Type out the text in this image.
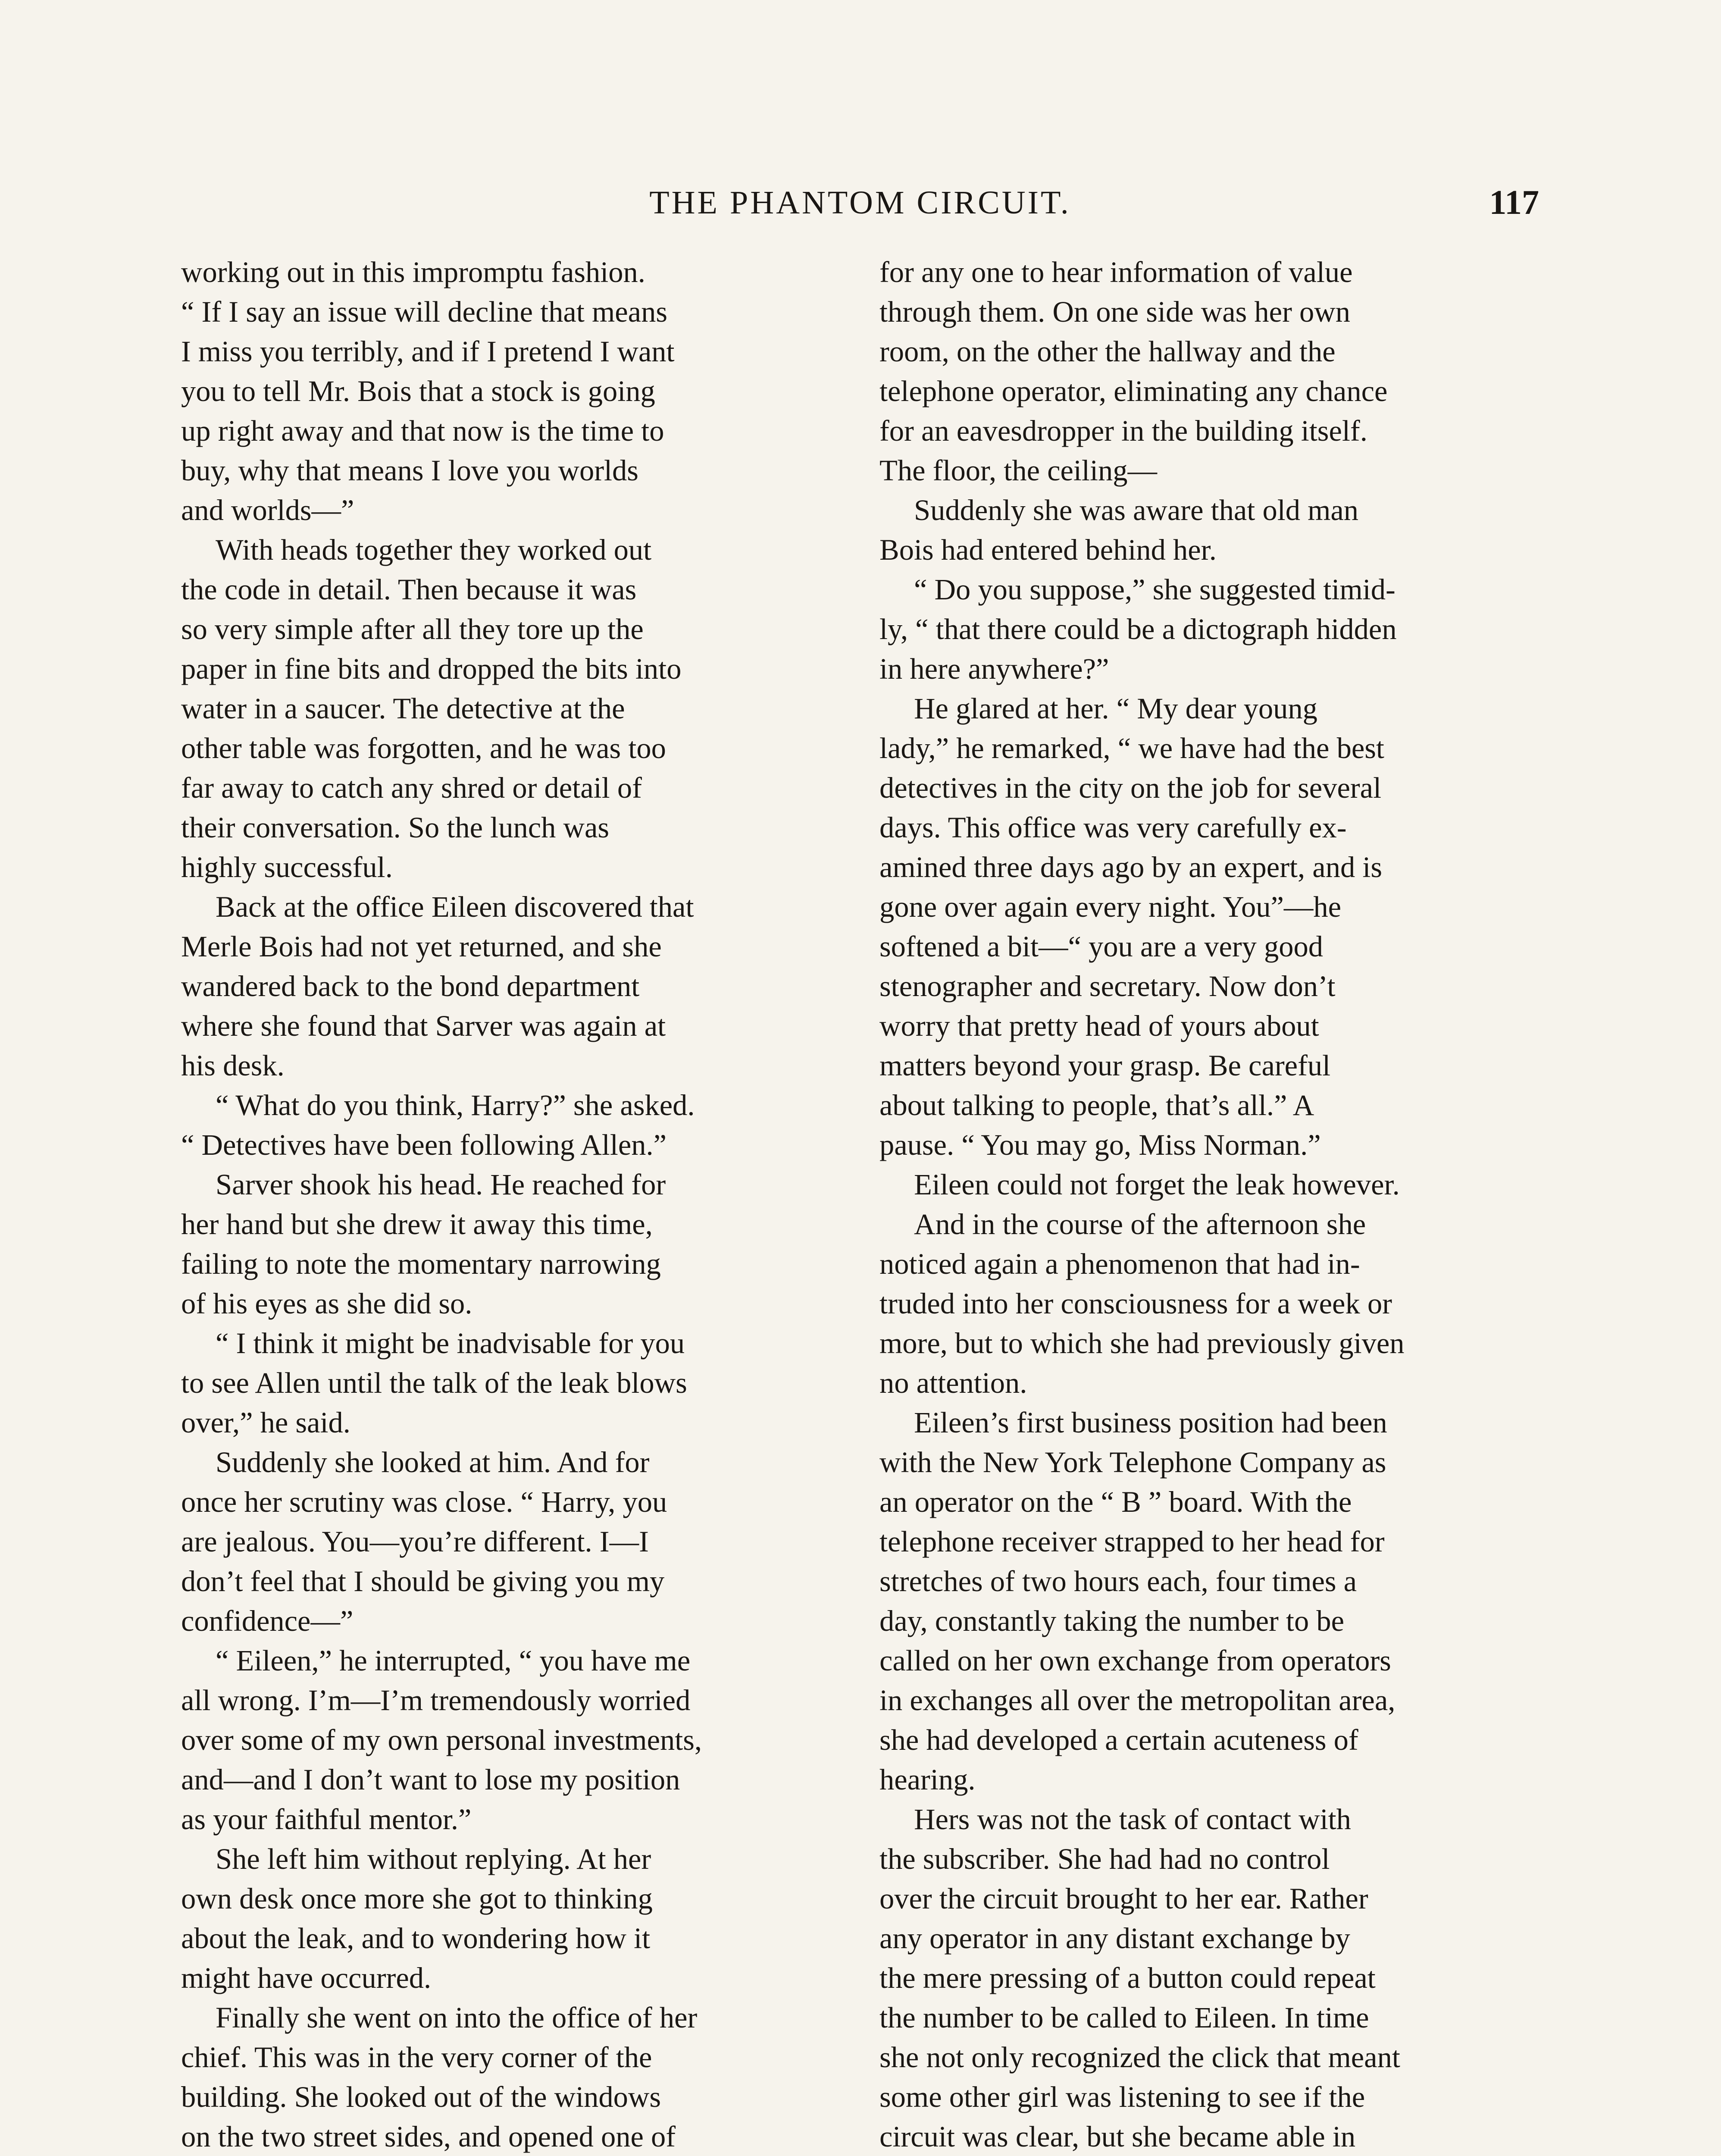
THE PHANTOM CIRCUIT.	117

working out in this impromptu fashion.
“ If I say an issue will decline that means
I miss you terribly, and if I pretend I want
you to tell Mr. Bois that a stock is going
up right away and that now is the time to
buy, why that means I love you worlds
and worlds—”

With heads together they worked out
the code in detail. Then because it was
so very simple after all they tore up the
paper in fine bits and dropped the bits into
water in a saucer. The detective at the
other table was forgotten, and he was too
far away to catch any shred or detail of
their conversation. So the lunch was
highly successful.

Back at the office Eileen discovered that
Merle Bois had not yet returned, and she
wandered back to the bond department
where she found that Sarver was again at
his desk.

“ What do you think, Harry?” she asked.
“ Detectives have been following Allen.”

Sarver shook his head. He reached for
her hand but she drew it away this time,
failing to note the momentary narrowing
of his eyes as she did so.

“ I think it might be inadvisable for you
to see Allen until the talk of the leak blows
over,” he said.

Suddenly she looked at him. And for
once her scrutiny was close. “ Harry, you
are jealous. You—you’re different. I—I
don’t feel that I should be giving you my
confidence—”

“ Eileen,” he interrupted, “ you have me
all wrong. I’m—I’m tremendously worried
over some of my own personal investments,
and—and I don’t want to lose my position
as your faithful mentor.”

She left him without replying. At her
own desk once more she got to thinking
about the leak, and to wondering how it
might have occurred.

Finally she went on into the office of her
chief. This was in the very corner of the
building. She looked out of the windows
on the two street sides, and opened one of

for any one to hear information of value
through them. On one side was her own
room, on the other the hallway and the
telephone operator, eliminating any chance
for an eavesdropper in the building itself.
The floor, the ceiling—

Suddenly she was aware that old man
Bois had entered behind her.

“ Do you suppose,” she suggested timid-
ly, “ that there could be a dictograph hidden
in here anywhere?”

He glared at her. “ My dear young
lady,” he remarked, “ we have had the best
detectives in the city on the job for several
days. This office was very carefully ex-
amined three days ago by an expert, and is
gone over again every night. You”—he
softened a bit—“ you are a very good
stenographer and secretary. Now don’t
worry that pretty head of yours about
matters beyond your grasp. Be careful
about talking to people, that’s all.” A
pause. “ You may go, Miss Norman.”

Eileen could not forget the leak however.

And in the course of the afternoon she
noticed again a phenomenon that had in-
truded into her consciousness for a week or
more, but to which she had previously given
no attention.

Eileen’s first business position had been
with the New York Telephone Company as
an operator on the “ B ” board. With the
telephone receiver strapped to her head for
stretches of two hours each, four times a
day, constantly taking the number to be
called on her own exchange from operators
in exchanges all over the metropolitan area,
she had developed a certain acuteness of
hearing.

Hers was not the task of contact with
the subscriber. She had had no control
over the circuit brought to her ear. Rather
any operator in any distant exchange by
the mere pressing of a button could repeat
the number to be called to Eileen. In time
she not only recognized the click that meant
some other girl was listening to see if the
circuit was clear, but she became able in
